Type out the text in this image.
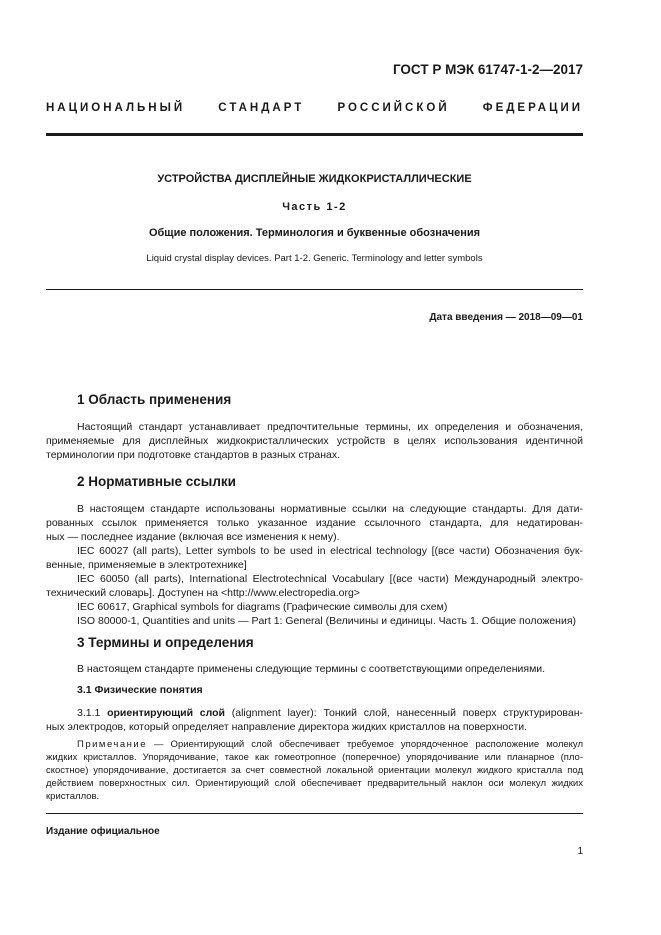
ГОСТ Р МЭК 61747-1-2—2017
НАЦИОНАЛЬНЫЙ СТАНДАРТ РОССИЙСКОЙ ФЕДЕРАЦИИ
УСТРОЙСТВА ДИСПЛЕЙНЫЕ ЖИДКОКРИСТАЛЛИЧЕСКИЕ
Часть 1-2
Общие положения. Терминология и буквенные обозначения
Liquid crystal display devices. Part 1-2. Generic. Terminology and letter symbols
Дата введения — 2018—09—01
1 Область применения
Настоящий стандарт устанавливает предпочтительные термины, их определения и обозначения,
применяемые для дисплейных жидкокристаллических устройств в целях использования идентичной
терминологии при подготовке стандартов в разных странах.
2 Нормативные ссылки
В настоящем стандарте использованы нормативные ссылки на следующие стандарты. Для дати-
рованных ссылок применяется только указанное издание ссылочного стандарта, для недатирован-
ных — последнее издание (включая все изменения к нему).
IEC 60027 (all parts), Letter symbols to be used in electrical technology [(все части) Обозначения бук-
венные, применяемые в электротехнике]
IEC 60050 (all parts), International Electrotechnical Vocabulary [(все части) Международный электро-
технический словарь]. Доступен на <http://www.electropedia.org>
IEC 60617, Graphical symbols for diagrams (Графические символы для схем)
ISO 80000-1, Quantities and units — Part 1: General (Величины и единицы. Часть 1. Общие положения)
3 Термины и определения
В настоящем стандарте применены следующие термины с соответствующими определениями.
3.1 Физические понятия
3.1.1 ориентирующий слой (alignment layer): Тонкий слой, нанесенный поверх структурирован-
ных электродов, который определяет направление директора жидких кристаллов на поверхности.
Примечание — Ориентирующий слой обеспечивает требуемое упорядоченное расположение молекул
жидких кристаллов. Упорядочивание, такое как гомеотропное (поперечное) упорядочивание или планарное (пло-
скостное) упорядочивание, достигается за счет совместной локальной ориентации молекул жидкого кристалла под
действием поверхностных сил. Ориентирующий слой обеспечивает предварительный наклон оси молекул жидких
кристаллов.
Издание официальное
1
